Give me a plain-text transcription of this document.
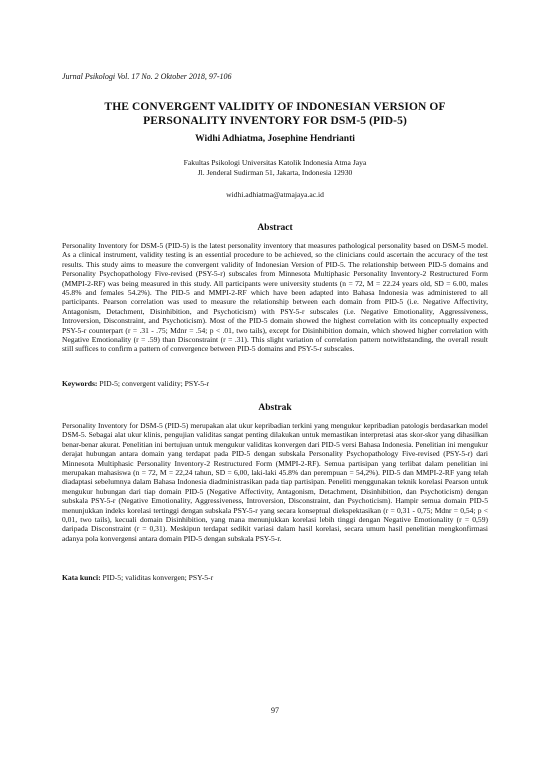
Jurnal Psikologi Vol. 17 No. 2 Oktober 2018, 97-106
THE CONVERGENT VALIDITY OF INDONESIAN VERSION OF
PERSONALITY INVENTORY FOR DSM-5 (PID-5)
Widhi Adhiatma, Josephine Hendrianti
Fakultas Psikologi Universitas Katolik Indonesia Atma Jaya
Jl. Jenderal Sudirman 51, Jakarta, Indonesia 12930
widhi.adhiatma@atmajaya.ac.id
Abstract
Personality Inventory for DSM-5 (PID-5) is the latest personality inventory that measures pathological personality based on DSM-5 model. As a clinical instrument, validity testing is an essential procedure to be achieved, so the clinicians could ascertain the accuracy of the test results. This study aims to measure the convergent validity of Indonesian Version of PID-5. The relationship between PID-5 domains and Personality Psychopathology Five-revised (PSY-5-r) subscales from Minnesota Multiphasic Personality Inventory-2 Restructured Form (MMPI-2-RF) was being measured in this study. All participants were university students (n = 72, M = 22.24 years old, SD = 6.00, males 45.8% and females 54.2%). The PID-5 and MMPI-2-RF which have been adapted into Bahasa Indonesia was administered to all participants. Pearson correlation was used to measure the relationship between each domain from PID-5 (i.e. Negative Affectivity, Antagonism, Detachment, Disinhibition, and Psychoticism) with PSY-5-r subscales (i.e. Negative Emotionality, Aggressiveness, Introversion, Disconstraint, and Psychoticism). Most of the PID-5 domain showed the highest correlation with its conceptually expected PSY-5-r counterpart (r = .31 - .75; Mdnr = .54; p < .01, two tails), except for Disinhibition domain, which showed higher correlation with Negative Emotionality (r = .59) than Disconstraint (r = .31). This slight variation of correlation pattern notwithstanding, the overall result still suffices to confirm a pattern of convergence between PID-5 domains and PSY-5-r subscales.
Keywords: PID-5; convergent validity; PSY-5-r
Abstrak
Personality Inventory for DSM-5 (PID-5) merupakan alat ukur kepribadian terkini yang mengukur kepribadian patologis berdasarkan model DSM-5. Sebagai alat ukur klinis, pengujian validitas sangat penting dilakukan untuk memastikan interpretasi atas skor-skor yang dihasilkan benar-benar akurat. Penelitian ini bertujuan untuk mengukur validitas konvergen dari PID-5 versi Bahasa Indonesia. Penelitian ini mengukur derajat hubungan antara domain yang terdapat pada PID-5 dengan subskala Personality Psychopathology Five-revised (PSY-5-r) dari Minnesota Multiphasic Personality Inventory-2 Restructured Form (MMPI-2-RF). Semua partisipan yang terlibat dalam penelitian ini merupakan mahasiswa (n = 72, M = 22,24 tahun, SD = 6,00, laki-laki 45.8% dan perempuan = 54,2%). PID-5 dan MMPI-2-RF yang telah diadaptasi sebelumnya dalam Bahasa Indonesia diadministrasikan pada tiap partisipan. Peneliti menggunakan teknik korelasi Pearson untuk mengukur hubungan dari tiap domain PID-5 (Negative Affectivity, Antagonism, Detachment, Disinhibition, dan Psychoticism) dengan subskala PSY-5-r (Negative Emotionality, Aggressiveness, Introversion, Disconstraint, dan Psychoticism). Hampir semua domain PID-5 menunjukkan indeks korelasi tertinggi dengan subskala PSY-5-r yang secara konseptual diekspektasikan (r = 0,31 - 0,75; Mdnr = 0,54; p < 0,01, two tails), kecuali domain Disinhibition, yang mana menunjukkan korelasi lebih tinggi dengan Negative Emotionality (r = 0,59) daripada Disconstraint (r = 0,31). Meskipun terdapat sedikit variasi dalam hasil korelasi, secara umum hasil penelitian mengkonfirmasi adanya pola konvergensi antara domain PID-5 dengan subskala PSY-5-r.
Kata kunci: PID-5; validitas konvergen; PSY-5-r
97
